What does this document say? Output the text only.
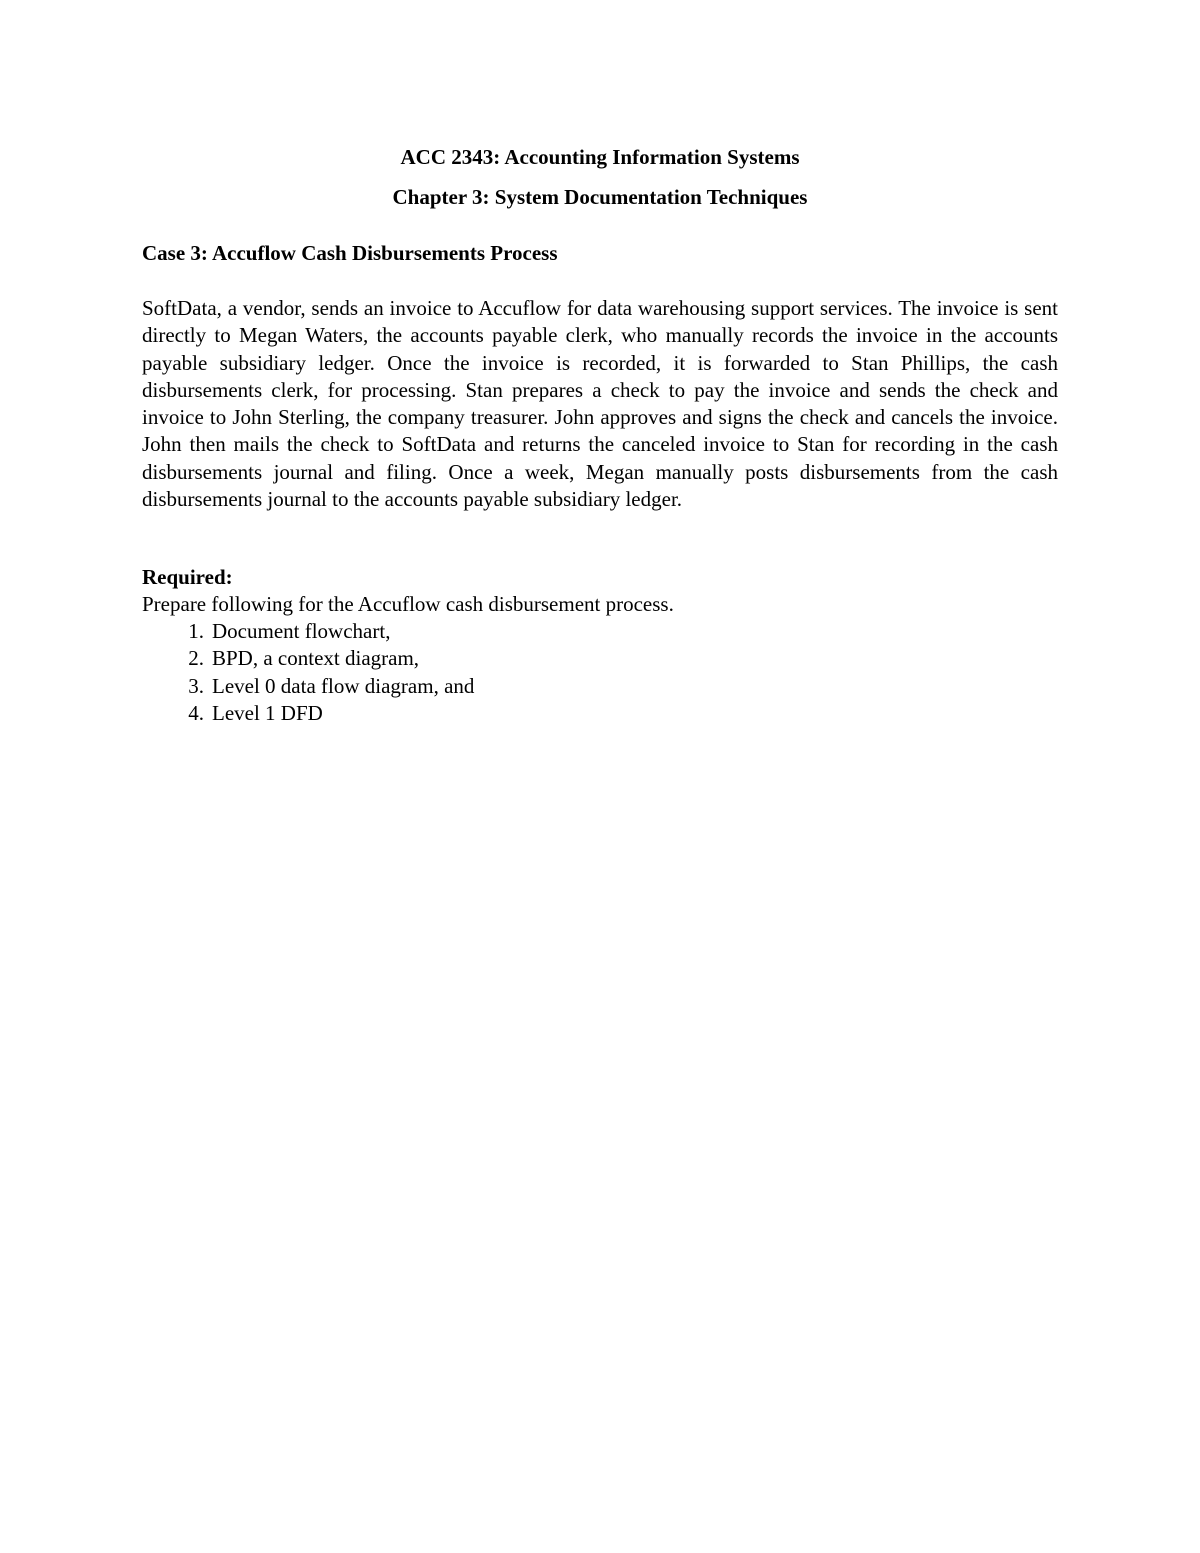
ACC 2343: Accounting Information Systems
Chapter 3: System Documentation Techniques
Case 3: Accuflow Cash Disbursements Process

SoftData, a vendor, sends an invoice to Accuflow for data warehousing support services. The invoice is sent directly to Megan Waters, the accounts payable clerk, who manually records the invoice in the accounts payable subsidiary ledger. Once the invoice is recorded, it is forwarded to Stan Phillips, the cash disbursements clerk, for processing. Stan prepares a check to pay the invoice and sends the check and invoice to John Sterling, the company treasurer. John approves and signs the check and cancels the invoice. John then mails the check to SoftData and returns the canceled invoice to Stan for recording in the cash disbursements journal and filing. Once a week, Megan manually posts disbursements from the cash disbursements journal to the accounts payable subsidiary ledger.

Required:

Prepare following for the Accuflow cash disbursement process.

1. Document flowchart,
2. BPD, a context diagram,
3. Level 0 data flow diagram, and
4. Level 1 DFD
